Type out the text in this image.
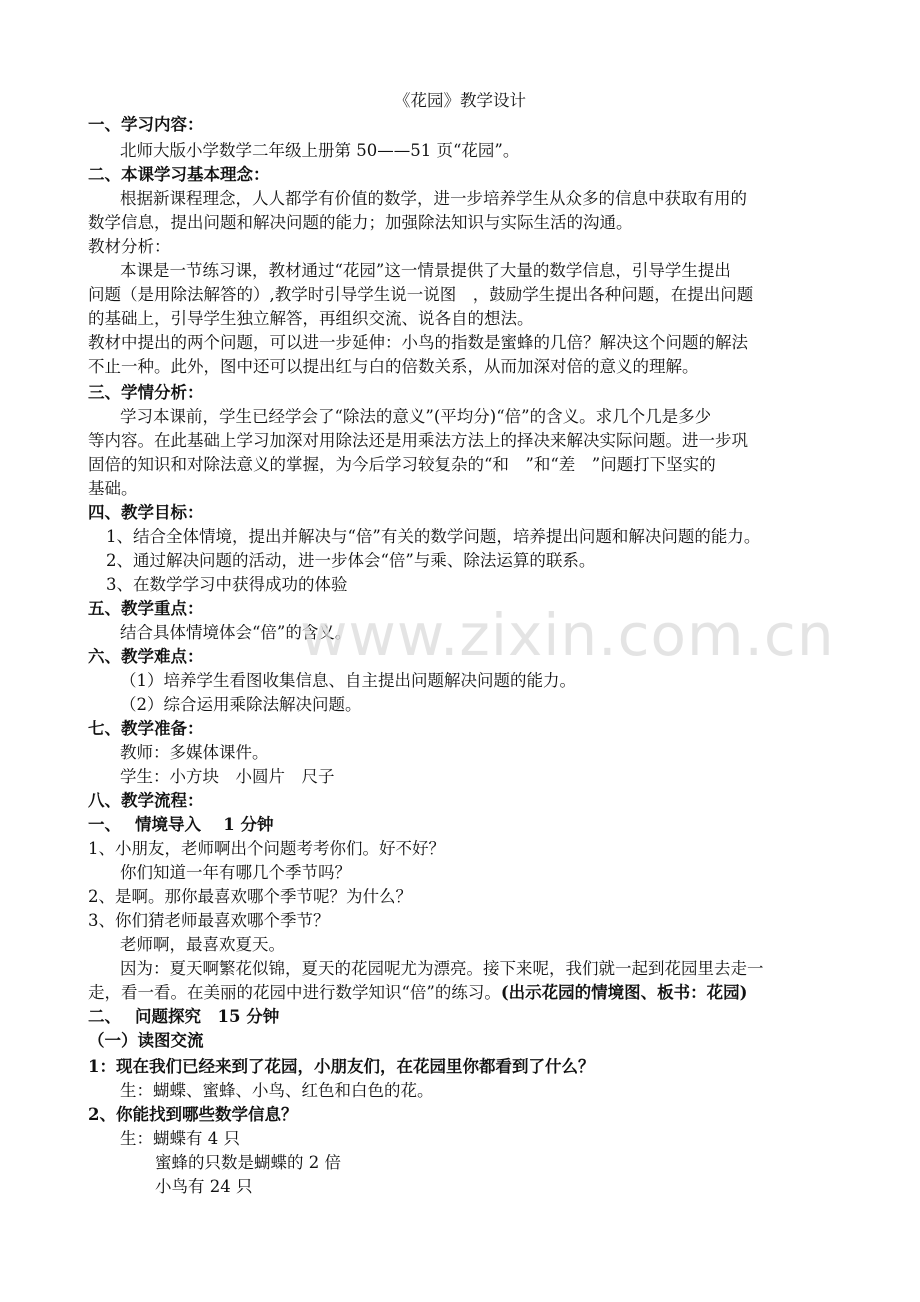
《花园》教学设计
一、学习内容：
北师大版小学数学二年级上册第 50——51 页“花园”。
二、本课学习基本理念：
根据新课程理念，人人都学有价值的数学，进一步培养学生从众多的信息中获取有用的
数学信息，提出问题和解决问题的能力；加强除法知识与实际生活的沟通。
教材分析：
本课是一节练习课，教材通过“花园”这一情景提供了大量的数学信息，引导学生提出
问题（是用除法解答的）,教学时引导学生说一说图　，鼓励学生提出各种问题，在提出问题
的基础上，引导学生独立解答，再组织交流、说各自的想法。
教材中提出的两个问题，可以进一步延伸：小鸟的指数是蜜蜂的几倍？解决这个问题的解法
不止一种。此外，图中还可以提出红与白的倍数关系，从而加深对倍的意义的理解。
三、学情分析：
学习本课前，学生已经学会了“除法的意义”(平均分)“倍”的含义。求几个几是多少
等内容。在此基础上学习加深对用除法还是用乘法方法上的择决来解决实际问题。进一步巩
固倍的知识和对除法意义的掌握，为今后学习较复杂的“和　”和“差　”问题打下坚实的
基础。
四、教学目标：
1、结合全体情境，提出并解决与“倍”有关的数学问题，培养提出问题和解决问题的能力。
2、通过解决问题的活动，进一步体会“倍”与乘、除法运算的联系。
3、在数学学习中获得成功的体验
五、教学重点：
结合具体情境体会“倍”的含义。
六、教学难点：
（1）培养学生看图收集信息、自主提出问题解决问题的能力。
（2）综合运用乘除法解决问题。
七、教学准备：
教师：多媒体课件。
学生：小方块　小圆片　尺子
八、教学流程：
一、　 情境导入　 1 分钟
1、小朋友，老师啊出个问题考考你们。好不好？
你们知道一年有哪几个季节吗？
2、是啊。那你最喜欢哪个季节呢？为什么？
3、你们猜老师最喜欢哪个季节？
老师啊，最喜欢夏天。
因为：夏天啊繁花似锦，夏天的花园呢尤为漂亮。接下来呢，我们就一起到花园里去走一
走，看一看。在美丽的花园中进行数学知识“倍”的练习。(出示花园的情境图、板书：花园)
二、　 问题探究　15 分钟
（一）读图交流
1：现在我们已经来到了花园，小朋友们，在花园里你都看到了什么？
生：蝴蝶、蜜蜂、小鸟、红色和白色的花。
2、你能找到哪些数学信息？
生：蝴蝶有 4 只
蜜蜂的只数是蝴蝶的 2 倍
小鸟有 24 只
www.zixin.com.cn
